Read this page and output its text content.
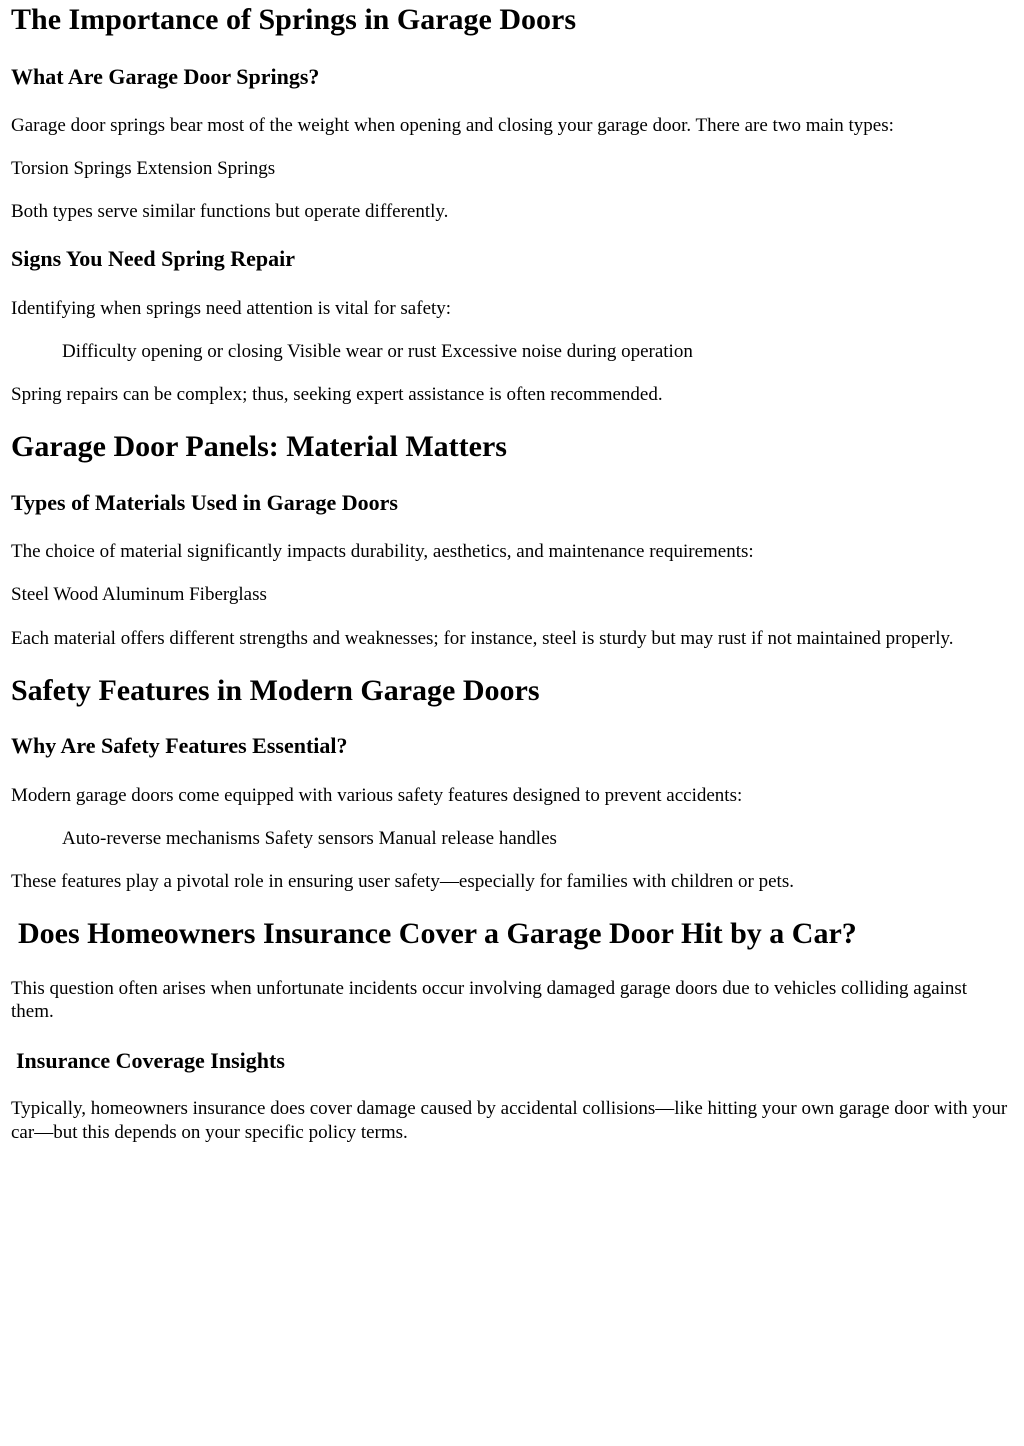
The Importance of Springs in Garage Doors
What Are Garage Door Springs?

Garage door springs bear most of the weight when opening and closing your garage door. There are two main types:

Torsion Springs Extension Springs

Both types serve similar functions but operate differently.

Signs You Need Spring Repair

Identifying when springs need attention is vital for safety:

Difficulty opening or closing Visible wear or rust Excessive noise during operation

Spring repairs can be complex; thus, seeking expert assistance is often recommended.

Garage Door Panels: Material Matters
Types of Materials Used in Garage Doors

The choice of material significantly impacts durability, aesthetics, and maintenance requirements:

Steel Wood Aluminum Fiberglass

Each material offers different strengths and weaknesses; for instance, steel is sturdy but may rust if not maintained properly.

Safety Features in Modern Garage Doors
Why Are Safety Features Essential?

Modern garage doors come equipped with various safety features designed to prevent accidents:

Auto-reverse mechanisms Safety sensors Manual release handles

These features play a pivotal role in ensuring user safety—especially for families with children or pets.

Does Homeowners Insurance Cover a Garage Door Hit by a Car?

This question often arises when unfortunate incidents occur involving damaged garage doors due to vehicles colliding against them.

Insurance Coverage Insights

Typically, homeowners insurance does cover damage caused by accidental collisions—like hitting your own garage door with your car—but this depends on your specific policy terms.
